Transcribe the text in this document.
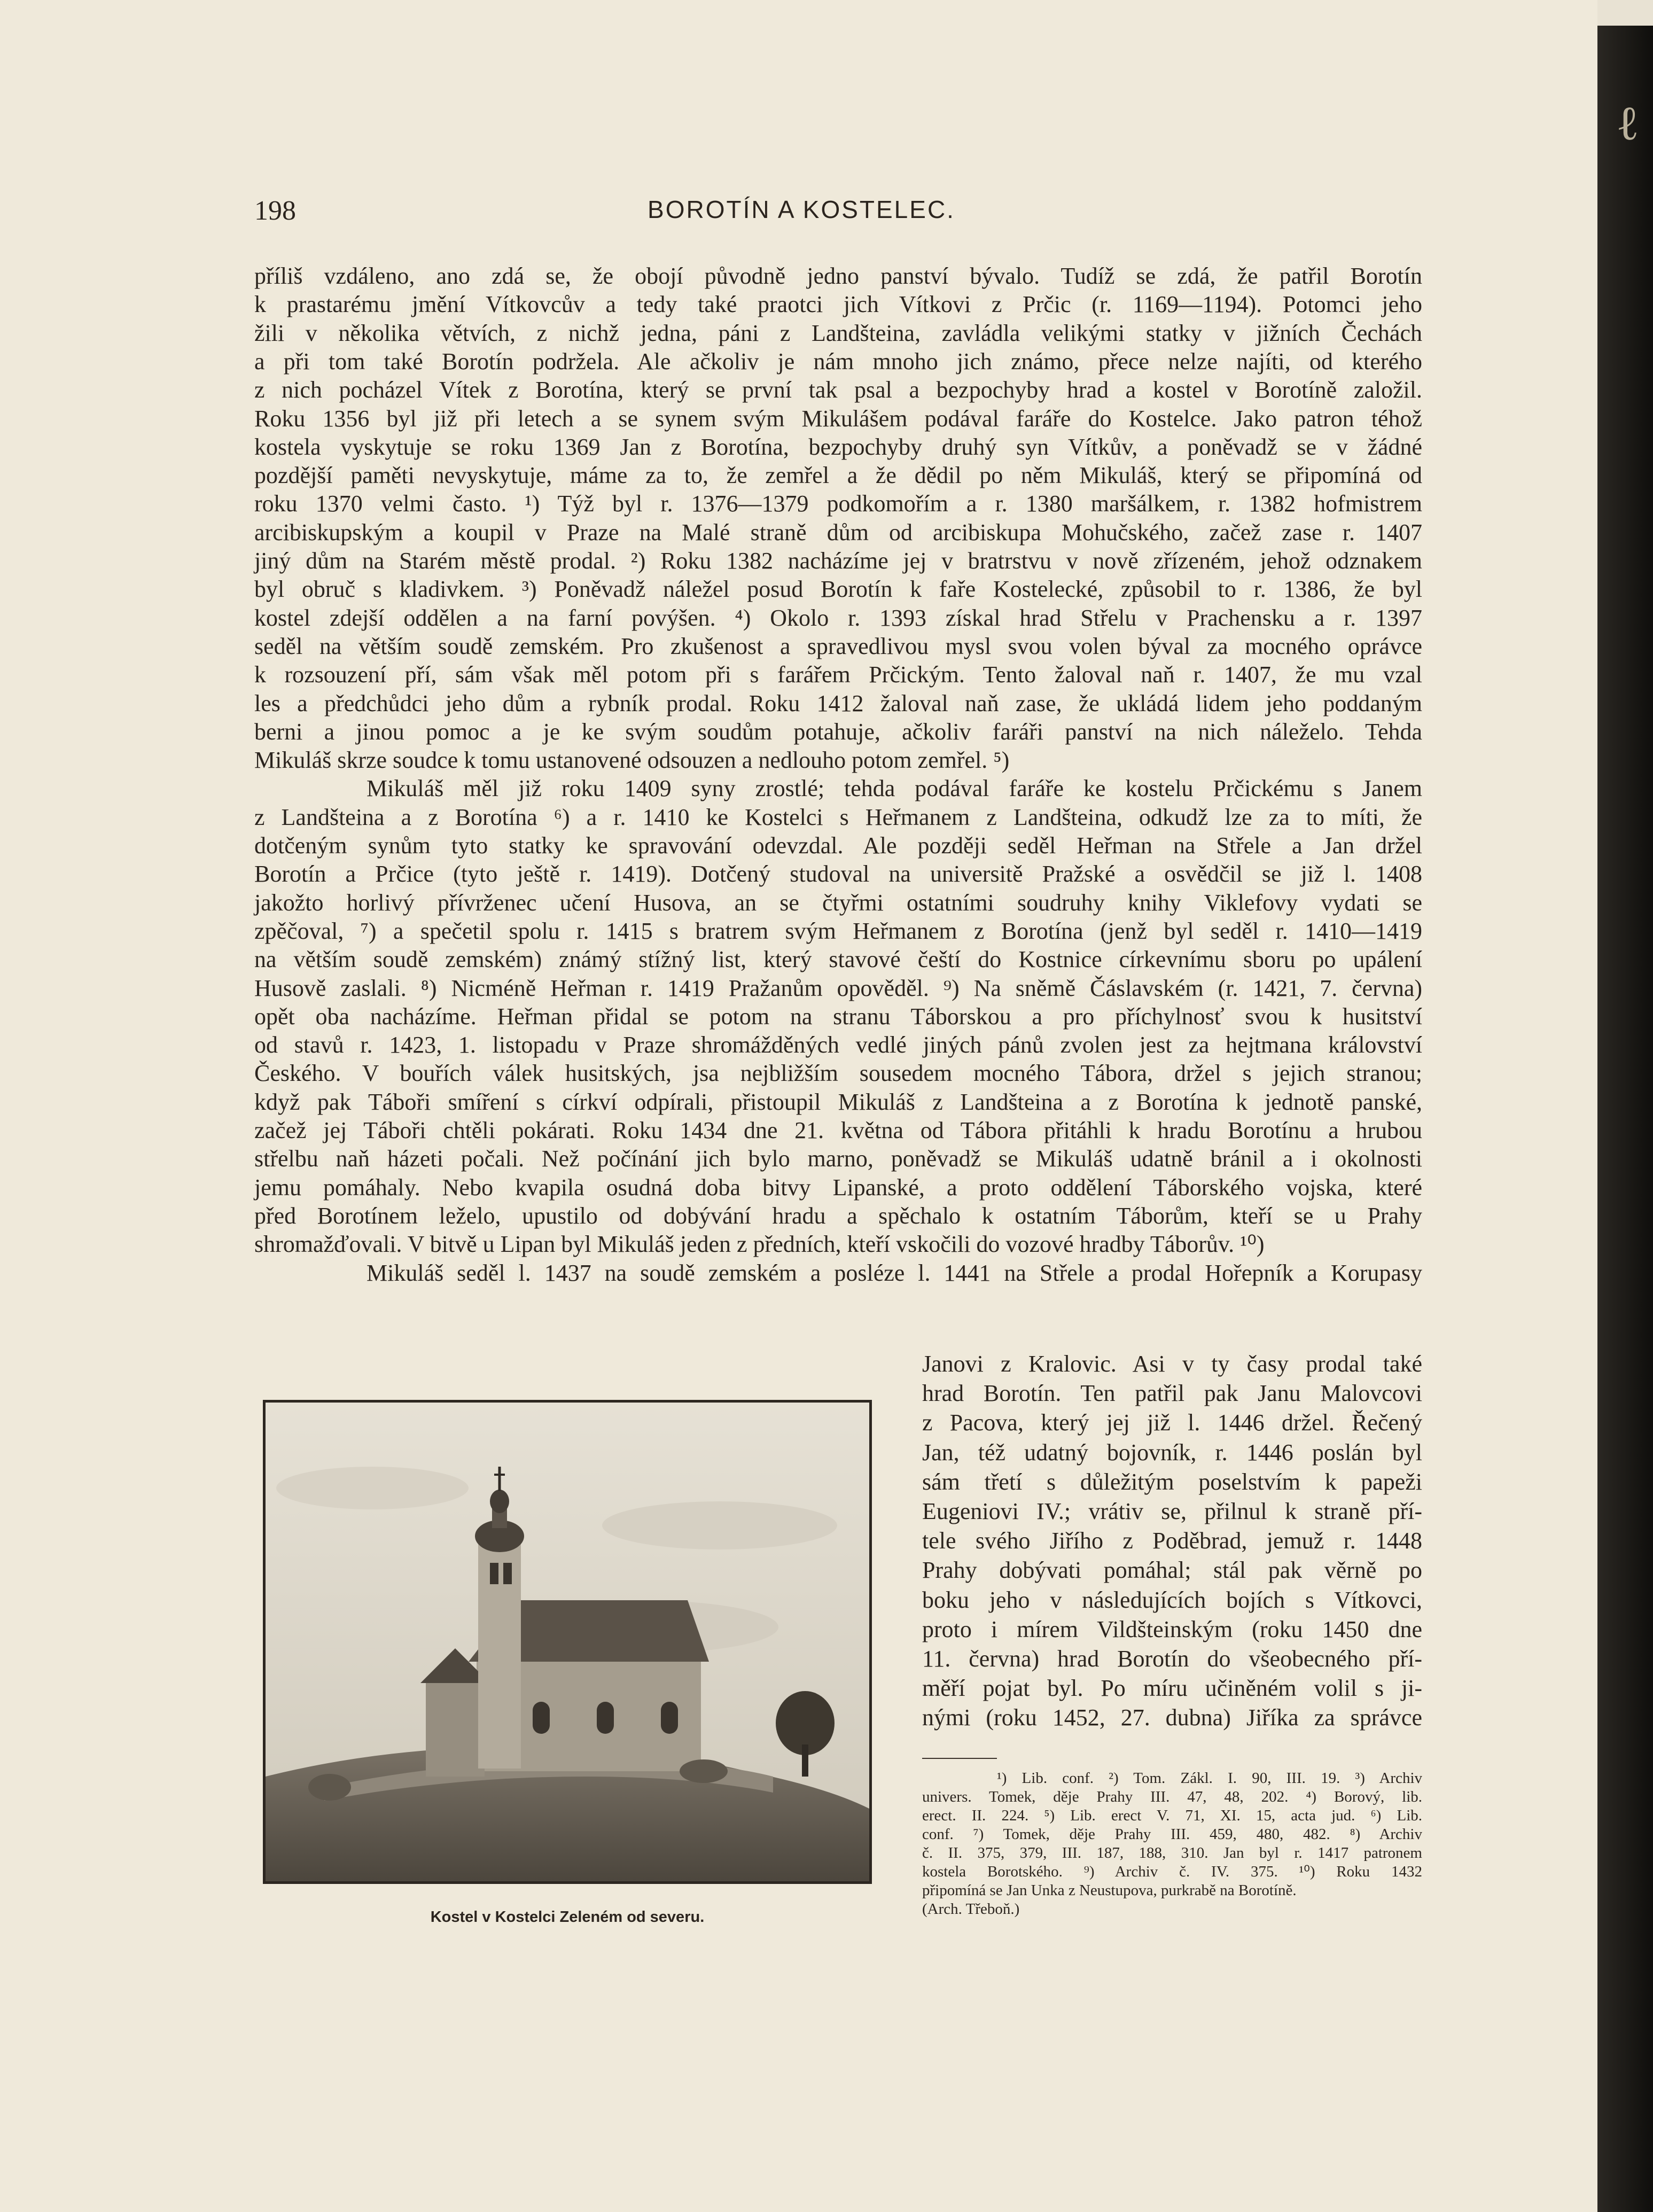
ℓ
198	BOROTÍN A KOSTELEC.
příliš vzdáleno, ano zdá se, že obojí původně jedno panství bývalo. Tudíž se zdá, že patřil Borotín
k prastarému jmění Vítkovcův a tedy také praotci jich Vítkovi z Prčic (r. 1169—1194). Potomci jeho
žili v několika větvích, z nichž jedna, páni z Landšteina, zavládla velikými statky v jižních Čechách
a při tom také Borotín podržela. Ale ačkoliv je nám mnoho jich známo, přece nelze najíti, od kterého
z nich pocházel Vítek z Borotína, který se první tak psal a bezpochyby hrad a kostel v Borotíně založil.
Roku 1356 byl již při letech a se synem svým Mikulášem podával faráře do Kostelce. Jako patron téhož
kostela vyskytuje se roku 1369 Jan z Borotína, bezpochyby druhý syn Vítkův, a poněvadž se v žádné
pozdější paměti nevyskytuje, máme za to, že zemřel a že dědil po něm Mikuláš, který se připomíná od
roku 1370 velmi často. ¹) Týž byl r. 1376—1379 podkomořím a r. 1380 maršálkem, r. 1382 hofmistrem
arcibiskupským a koupil v Praze na Malé straně dům od arcibiskupa Mohučského, začež zase r. 1407
jiný dům na Starém městě prodal. ²) Roku 1382 nacházíme jej v bratrstvu v nově zřízeném, jehož odznakem
byl obruč s kladivkem. ³) Poněvadž náležel posud Borotín k faře Kostelecké, způsobil to r. 1386, že byl
kostel zdejší oddělen a na farní povýšen. ⁴) Okolo r. 1393 získal hrad Střelu v Prachensku a r. 1397
seděl na větším soudě zemském. Pro zkušenost a spravedlivou mysl svou volen býval za mocného oprávce
k rozsouzení pří, sám však měl potom při s farářem Prčickým. Tento žaloval naň r. 1407, že mu vzal
les a předchůdci jeho dům a rybník prodal. Roku 1412 žaloval naň zase, že ukládá lidem jeho poddaným
berni a jinou pomoc a je ke svým soudům potahuje, ačkoliv faráři panství na nich náleželo. Tehda
Mikuláš skrze soudce k tomu ustanovené odsouzen a nedlouho potom zemřel. ⁵)
Mikuláš měl již roku 1409 syny zrostlé; tehda podával faráře ke kostelu Prčickému s Janem
z Landšteina a z Borotína ⁶) a r. 1410 ke Kostelci s Heřmanem z Landšteina, odkudž lze za to míti, že
dotčeným synům tyto statky ke spravování odevzdal. Ale později seděl Heřman na Střele a Jan držel
Borotín a Prčice (tyto ještě r. 1419). Dotčený studoval na universitě Pražské a osvědčil se již l. 1408
jakožto horlivý přívrženec učení Husova, an se čtyřmi ostatními soudruhy knihy Viklefovy vydati se
zpěčoval, ⁷) a spečetil spolu r. 1415 s bratrem svým Heřmanem z Borotína (jenž byl seděl r. 1410—1419
na větším soudě zemském) známý stížný list, který stavové čeští do Kostnice církevnímu sboru po upálení
Husově zaslali. ⁸) Nicméně Heřman r. 1419 Pražanům opověděl. ⁹) Na sněmě Čáslavském (r. 1421, 7. června)
opět oba nacházíme. Heřman přidal se potom na stranu Táborskou a pro příchylnosť svou k husitství
od stavů r. 1423, 1. listopadu v Praze shromážděných vedlé jiných pánů zvolen jest za hejtmana království
Českého. V bouřích válek husitských, jsa nejbližším sousedem mocného Tábora, držel s jejich stranou;
když pak Táboři smíření s církví odpírali, přistoupil Mikuláš z Landšteina a z Borotína k jednotě panské,
začež jej Táboři chtěli pokárati. Roku 1434 dne 21. května od Tábora přitáhli k hradu Borotínu a hrubou
střelbu naň házeti počali. Než počínání jich bylo marno, poněvadž se Mikuláš udatně bránil a i okolnosti
jemu pomáhaly. Nebo kvapila osudná doba bitvy Lipanské, a proto oddělení Táborského vojska, které
před Borotínem leželo, upustilo od dobývání hradu a spěchalo k ostatním Táborům, kteří se u Prahy
shromažďovali. V bitvě u Lipan byl Mikuláš jeden z předních, kteří vskočili do vozové hradby Táborův. ¹⁰)
Mikuláš seděl l. 1437 na soudě zemském a posléze l. 1441 na Střele a prodal Hořepník a Korupasy
Janovi z Kralovic. Asi v ty časy prodal také
hrad Borotín. Ten patřil pak Janu Malovcovi
z Pacova, který jej již l. 1446 držel. Řečený
Jan, též udatný bojovník, r. 1446 poslán byl
sám třetí s důležitým poselstvím k papeži
Eugeniovi IV.; vrátiv se, přilnul k straně pří-
tele svého Jiřího z Poděbrad, jemuž r. 1448
Prahy dobývati pomáhal; stál pak věrně po
boku jeho v následujících bojích s Vítkovci,
proto i mírem Vildšteinským (roku 1450 dne
11. června) hrad Borotín do všeobecného pří-
měří pojat byl. Po míru učiněném volil s ji-
nými (roku 1452, 27. dubna) Jiříka za správce
Kostel v Kostelci Zeleném od severu.
¹) Lib. conf. ²) Tom. Zákl. I. 90, III. 19. ³) Archiv
univers. Tomek, děje Prahy III. 47, 48, 202. ⁴) Borový, lib.
erect. II. 224. ⁵) Lib. erect V. 71, XI. 15, acta jud. ⁶) Lib.
conf. ⁷) Tomek, děje Prahy III. 459, 480, 482. ⁸) Archiv
č. II. 375, 379, III. 187, 188, 310. Jan byl r. 1417 patronem
kostela Borotského. ⁹) Archiv č. IV. 375. ¹⁰) Roku 1432
připomíná se Jan Unka z Neustupova, purkrabě na Borotíně.
(Arch. Třeboň.)
